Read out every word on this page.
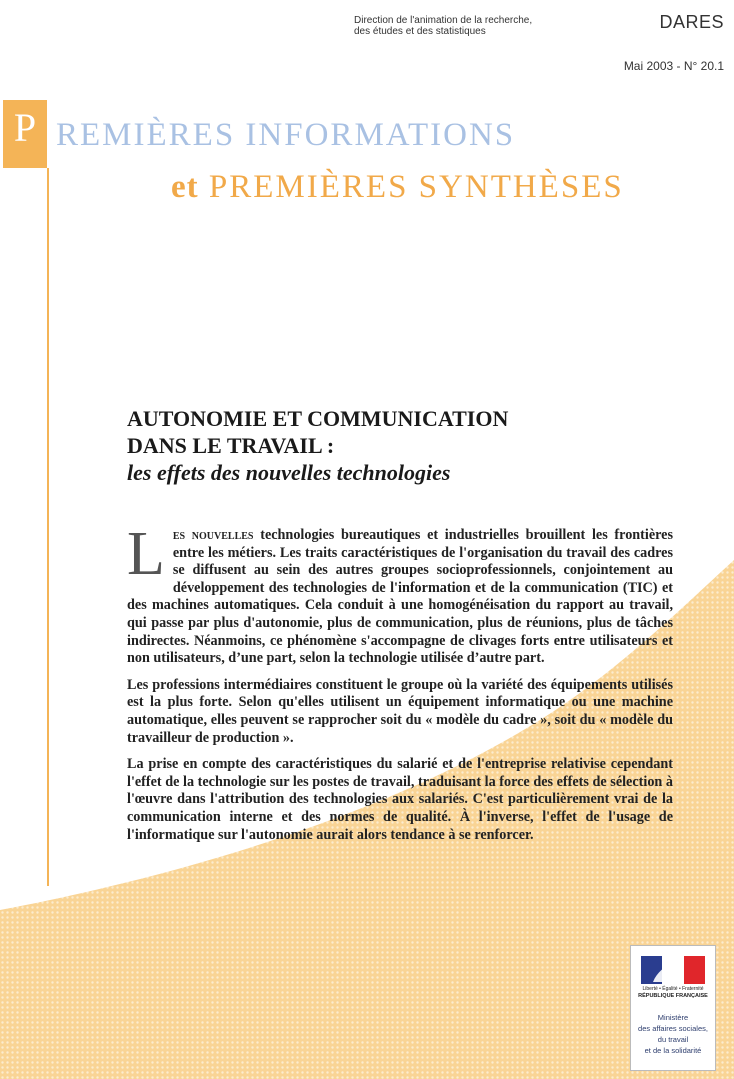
Direction de l'animation de la recherche,
des études et des statistiques	DARES
Mai 2003 - N° 20.1
P REMIÈRES INFORMATIONS
et PREMIÈRES SYNTHÈSES
AUTONOMIE ET COMMUNICATION
DANS LE TRAVAIL :
les effets des nouvelles technologies

Les nouvelles technologies bureautiques et industrielles brouillent les frontières entre les métiers. Les traits caractéristiques de l'organisation du travail des cadres se diffusent au sein des autres groupes socioprofessionnels, conjointement au développement des technologies de l'information et de la communication (TIC) et des machines automatiques. Cela conduit à une homogénéisation du rapport au travail, qui passe par plus d'autonomie, plus de communication, plus de réunions, plus de tâches indirectes. Néanmoins, ce phénomène s'accompagne de clivages forts entre utilisateurs et non utilisateurs, d’une part, selon la technologie utilisée d’autre part.

Les professions intermédiaires constituent le groupe où la variété des équipements utilisés est la plus forte. Selon qu'elles utilisent un équipement informatique ou une machine automatique, elles peuvent se rapprocher soit du « modèle du cadre », soit du « modèle du travailleur de production ».

La prise en compte des caractéristiques du salarié et de l'entreprise relativise cependant l'effet de la technologie sur les postes de travail, traduisant la force des effets de sélection à l'œuvre dans l'attribution des technologies aux salariés. C'est particulièrement vrai de la communication interne et des normes de qualité. À l'inverse, l'effet de l'usage de l'informatique sur l'autonomie aurait alors tendance à se renforcer.

Liberté • Égalité • Fraternité
RÉPUBLIQUE FRANÇAISE
Ministère
des affaires sociales,
du travail
et de la solidarité
